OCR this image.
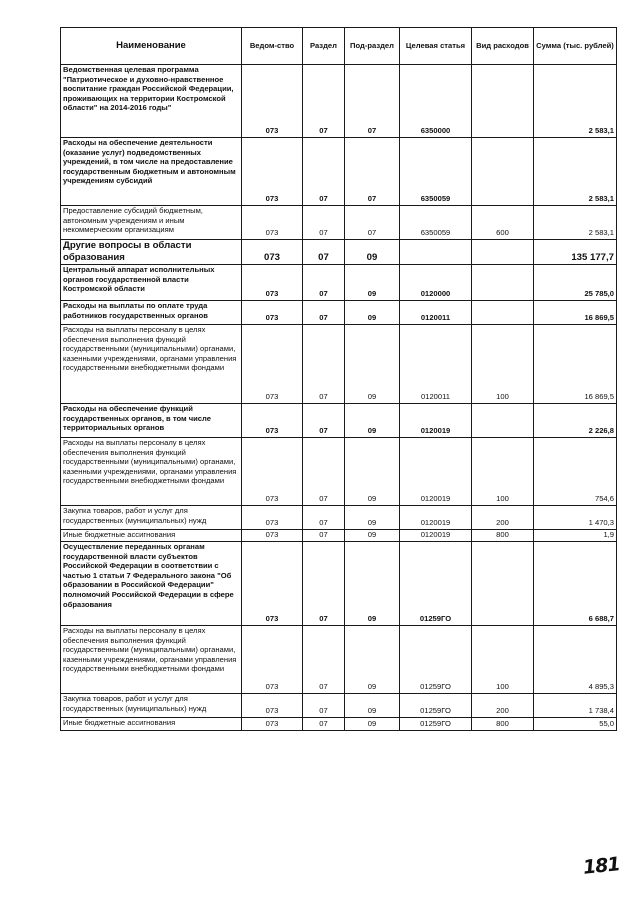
Наименование	Ведом-ство	Раздел	Под-раздел	Целевая статья	Вид расходов	Сумма (тыс. рублей)
Ведомственная целевая программа "Патриотическое и духовно-нравственное воспитание граждан Российской Федерации, проживающих на территории Костромской области" на 2014-2016 годы"	073	07	07	6350000		2 583,1
Расходы на обеспечение деятельности (оказание услуг) подведомственных учреждений, в том числе на предоставление государственным бюджетным и автономным учреждениям субсидий	073	07	07	6350059		2 583,1
Предоставление субсидий бюджетным, автономным учреждениям и иным некоммерческим организациям	073	07	07	6350059	600	2 583,1
Другие вопросы в области образования	073	07	09			135 177,7
Центральный аппарат исполнительных органов государственной власти Костромской области	073	07	09	0120000		25 785,0
Расходы на выплаты по оплате труда работников государственных органов	073	07	09	0120011		16 869,5
Расходы на выплаты персоналу в целях обеспечения выполнения функций государственными (муниципальными) органами, казенными учреждениями, органами управления государственными внебюджетными фондами	073	07	09	0120011	100	16 869,5
Расходы на обеспечение функций государственных органов, в том числе территориальных органов	073	07	09	0120019		2 226,8
Расходы на выплаты персоналу в целях обеспечения выполнения функций государственными (муниципальными) органами, казенными учреждениями, органами управления государственными внебюджетными фондами	073	07	09	0120019	100	754,6
Закупка товаров, работ и услуг для государственных (муниципальных) нужд	073	07	09	0120019	200	1 470,3
Иные бюджетные ассигнования	073	07	09	0120019	800	1,9
Осуществление переданных органам государственной власти субъектов Российской Федерации в соответствии с частью 1 статьи 7 Федерального закона "Об образовании в Российской Федерации" полномочий Российской Федерации в сфере образования	073	07	09	01259ГО		6 688,7
Расходы на выплаты персоналу в целях обеспечения выполнения функций государственными (муниципальными) органами, казенными учреждениями, органами управления государственными внебюджетными фондами	073	07	09	01259ГО	100	4 895,3
Закупка товаров, работ и услуг для государственных (муниципальных) нужд	073	07	09	01259ГО	200	1 738,4
Иные бюджетные ассигнования	073	07	09	01259ГО	800	55,0
181
